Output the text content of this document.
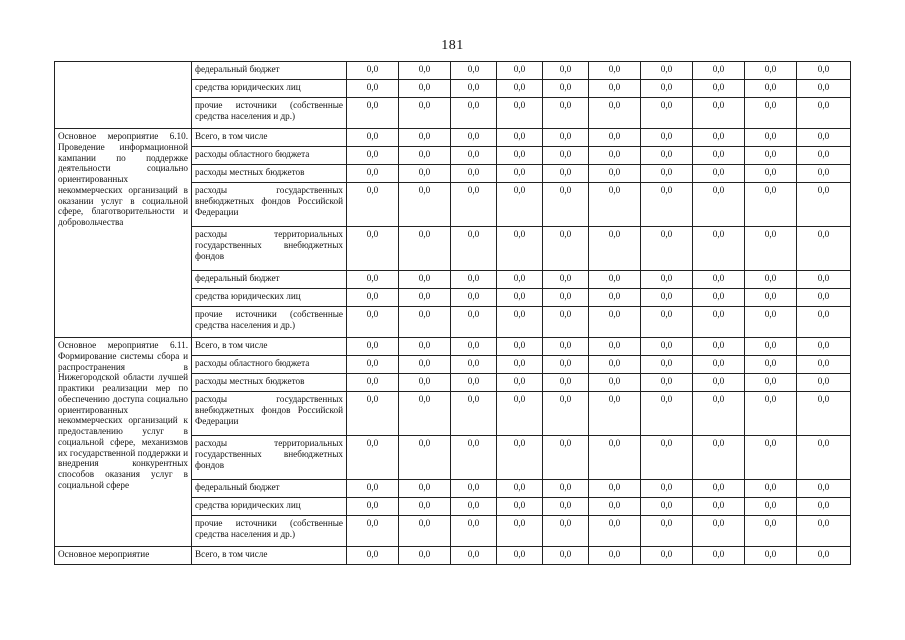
181
	федеральный бюджет	0,0	0,0	0,0	0,0	0,0	0,0	0,0	0,0	0,0	0,0
	средства юридических лиц	0,0	0,0	0,0	0,0	0,0	0,0	0,0	0,0	0,0	0,0
	прочие источники (собственные средства населения и др.)	0,0	0,0	0,0	0,0	0,0	0,0	0,0	0,0	0,0	0,0
Основное мероприятие 6.10. Проведение информационной кампании по поддержке деятельности социально ориентированных некоммерческих организаций в оказании услуг в социальной сфере, благотворительности и добровольчества	Всего, в том числе	0,0	0,0	0,0	0,0	0,0	0,0	0,0	0,0	0,0	0,0
	расходы областного бюджета	0,0	0,0	0,0	0,0	0,0	0,0	0,0	0,0	0,0	0,0
	расходы местных бюджетов	0,0	0,0	0,0	0,0	0,0	0,0	0,0	0,0	0,0	0,0
	расходы государственных внебюджетных фондов Российской Федерации	0,0	0,0	0,0	0,0	0,0	0,0	0,0	0,0	0,0	0,0
	расходы территориальных государственных внебюджетных фондов	0,0	0,0	0,0	0,0	0,0	0,0	0,0	0,0	0,0	0,0
	федеральный бюджет	0,0	0,0	0,0	0,0	0,0	0,0	0,0	0,0	0,0	0,0
	средства юридических лиц	0,0	0,0	0,0	0,0	0,0	0,0	0,0	0,0	0,0	0,0
	прочие источники (собственные средства населения и др.)	0,0	0,0	0,0	0,0	0,0	0,0	0,0	0,0	0,0	0,0
Основное мероприятие 6.11. Формирование системы сбора и распространения в Нижегородской области лучшей практики реализации мер по обеспечению доступа социально ориентированных некоммерческих организаций к предоставлению услуг в социальной сфере, механизмов их государственной поддержки и внедрения конкурентных способов оказания услуг в социальной сфере	Всего, в том числе	0,0	0,0	0,0	0,0	0,0	0,0	0,0	0,0	0,0	0,0
	расходы областного бюджета	0,0	0,0	0,0	0,0	0,0	0,0	0,0	0,0	0,0	0,0
	расходы местных бюджетов	0,0	0,0	0,0	0,0	0,0	0,0	0,0	0,0	0,0	0,0
	расходы государственных внебюджетных фондов Российской Федерации	0,0	0,0	0,0	0,0	0,0	0,0	0,0	0,0	0,0	0,0
	расходы территориальных государственных внебюджетных фондов	0,0	0,0	0,0	0,0	0,0	0,0	0,0	0,0	0,0	0,0
	федеральный бюджет	0,0	0,0	0,0	0,0	0,0	0,0	0,0	0,0	0,0	0,0
	средства юридических лиц	0,0	0,0	0,0	0,0	0,0	0,0	0,0	0,0	0,0	0,0
	прочие источники (собственные средства населения и др.)	0,0	0,0	0,0	0,0	0,0	0,0	0,0	0,0	0,0	0,0
Основное мероприятие	Всего, в том числе	0,0	0,0	0,0	0,0	0,0	0,0	0,0	0,0	0,0	0,0
